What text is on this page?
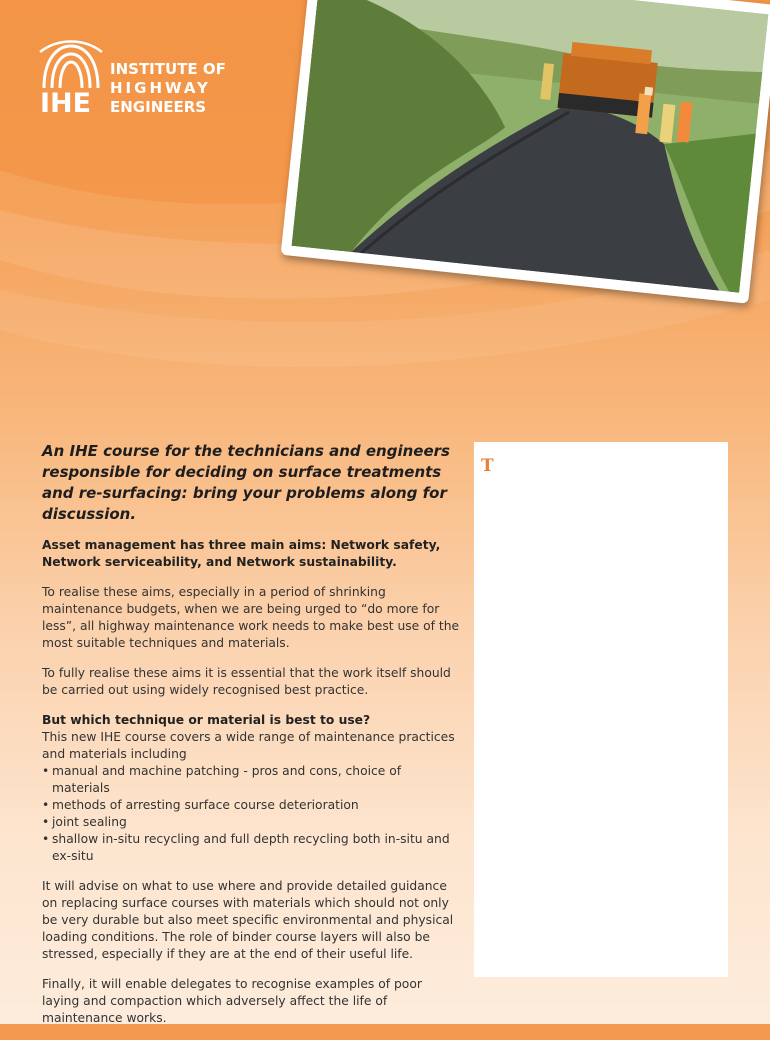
IHE
INSTITUTE OF
HIGHWAY
ENGINEERS
An IHE course for the technicians and engineers responsible for deciding on surface treatments and re-surfacing: bring your problems along for discussion.
Asset management has three main aims: Network safety, Network serviceability, and Network sustainability.

To realise these aims, especially in a period of shrinking maintenance budgets, when we are being urged to “do more for less”, all highway maintenance work needs to make best use of the most suitable techniques and materials.

To fully realise these aims it is essential that the work itself should be carried out using widely recognised best practice.

But which technique or material is best to use?
This new IHE course covers a wide range of maintenance practices and materials including
• manual and machine patching - pros and cons, choice of materials
• methods of arresting surface course deterioration
• joint sealing
• shallow in-situ recycling and full depth recycling both in-situ and ex-situ

It will advise on what to use where and provide detailed guidance on replacing surface courses with materials which should not only be very durable but also meet specific environmental and physical loading conditions. The role of binder course layers will also be stressed, especially if they are at the end of their useful life.

Finally, it will enable delegates to recognise examples of poor laying and compaction which adversely affect the life of maintenance works.

T
